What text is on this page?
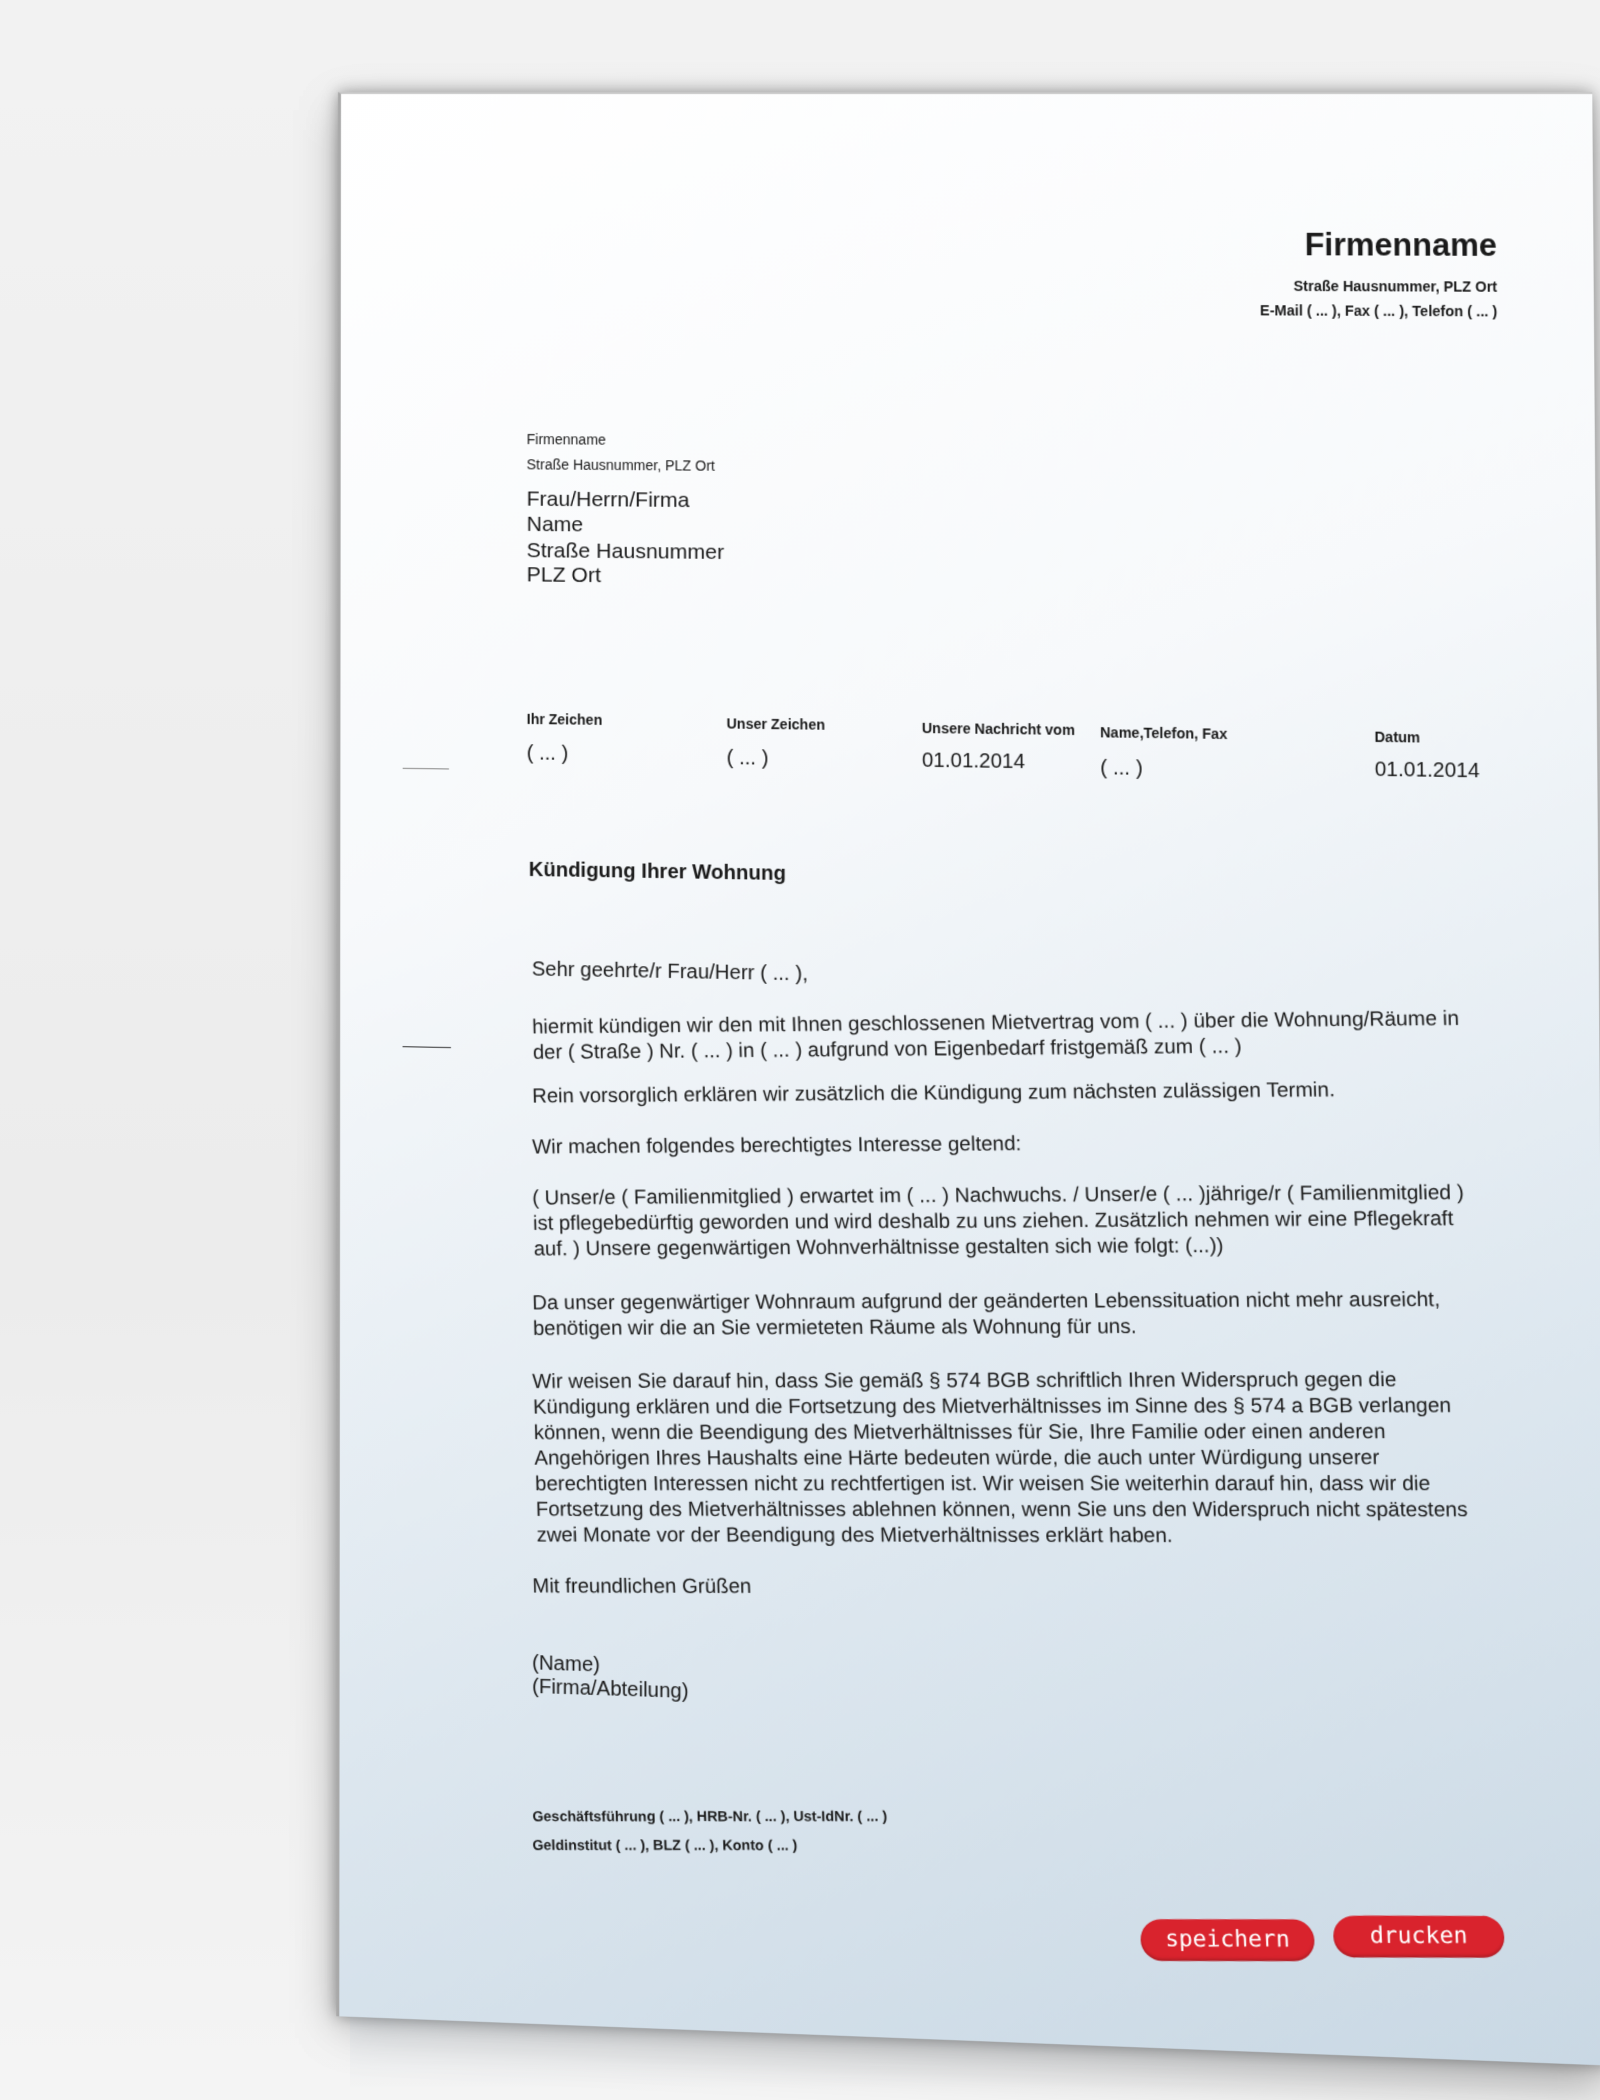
Firmenname
Straße Hausnummer, PLZ Ort
E-Mail ( ... ), Fax ( ... ), Telefon ( ... )
Firmenname
Straße Hausnummer, PLZ Ort
Frau/Herrn/Firma
Name
Straße Hausnummer
PLZ Ort
Ihr Zeichen
( ... )
Unser Zeichen
( ... )
Unsere Nachricht vom
01.01.2014
Name,Telefon, Fax
( ... )
Datum
01.01.2014
Kündigung Ihrer Wohnung
Sehr geehrte/r Frau/Herr ( ... ),
hiermit kündigen wir den mit Ihnen geschlossenen Mietvertrag vom ( ... ) über die Wohnung/Räume in
der ( Straße ) Nr. ( ... ) in ( ... ) aufgrund von Eigenbedarf fristgemäß zum ( ... )
Rein vorsorglich erklären wir zusätzlich die Kündigung zum nächsten zulässigen Termin.
Wir machen folgendes berechtigtes Interesse geltend:
( Unser/e ( Familienmitglied ) erwartet im ( ... ) Nachwuchs. / Unser/e ( ... )jährige/r ( Familienmitglied )
ist pflegebedürftig geworden und wird deshalb zu uns ziehen. Zusätzlich nehmen wir eine Pflegekraft
auf. ) Unsere gegenwärtigen Wohnverhältnisse gestalten sich wie folgt: (...))
Da unser gegenwärtiger Wohnraum aufgrund der geänderten Lebenssituation nicht mehr ausreicht,
benötigen wir die an Sie vermieteten Räume als Wohnung für uns.
Wir weisen Sie darauf hin, dass Sie gemäß § 574 BGB schriftlich Ihren Widerspruch gegen die
Kündigung erklären und die Fortsetzung des Mietverhältnisses im Sinne des § 574 a BGB verlangen
können, wenn die Beendigung des Mietverhältnisses für Sie, Ihre Familie oder einen anderen
Angehörigen Ihres Haushalts eine Härte bedeuten würde, die auch unter Würdigung unserer
berechtigten Interessen nicht zu rechtfertigen ist. Wir weisen Sie weiterhin darauf hin, dass wir die
Fortsetzung des Mietverhältnisses ablehnen können, wenn Sie uns den Widerspruch nicht spätestens
zwei Monate vor der Beendigung des Mietverhältnisses erklärt haben.
Mit freundlichen Grüßen
(Name)
(Firma/Abteilung)
Geschäftsführung ( ... ), HRB-Nr. ( ... ), Ust-IdNr. ( ... )
Geldinstitut ( ... ), BLZ ( ... ), Konto ( ... )
speichern	drucken
